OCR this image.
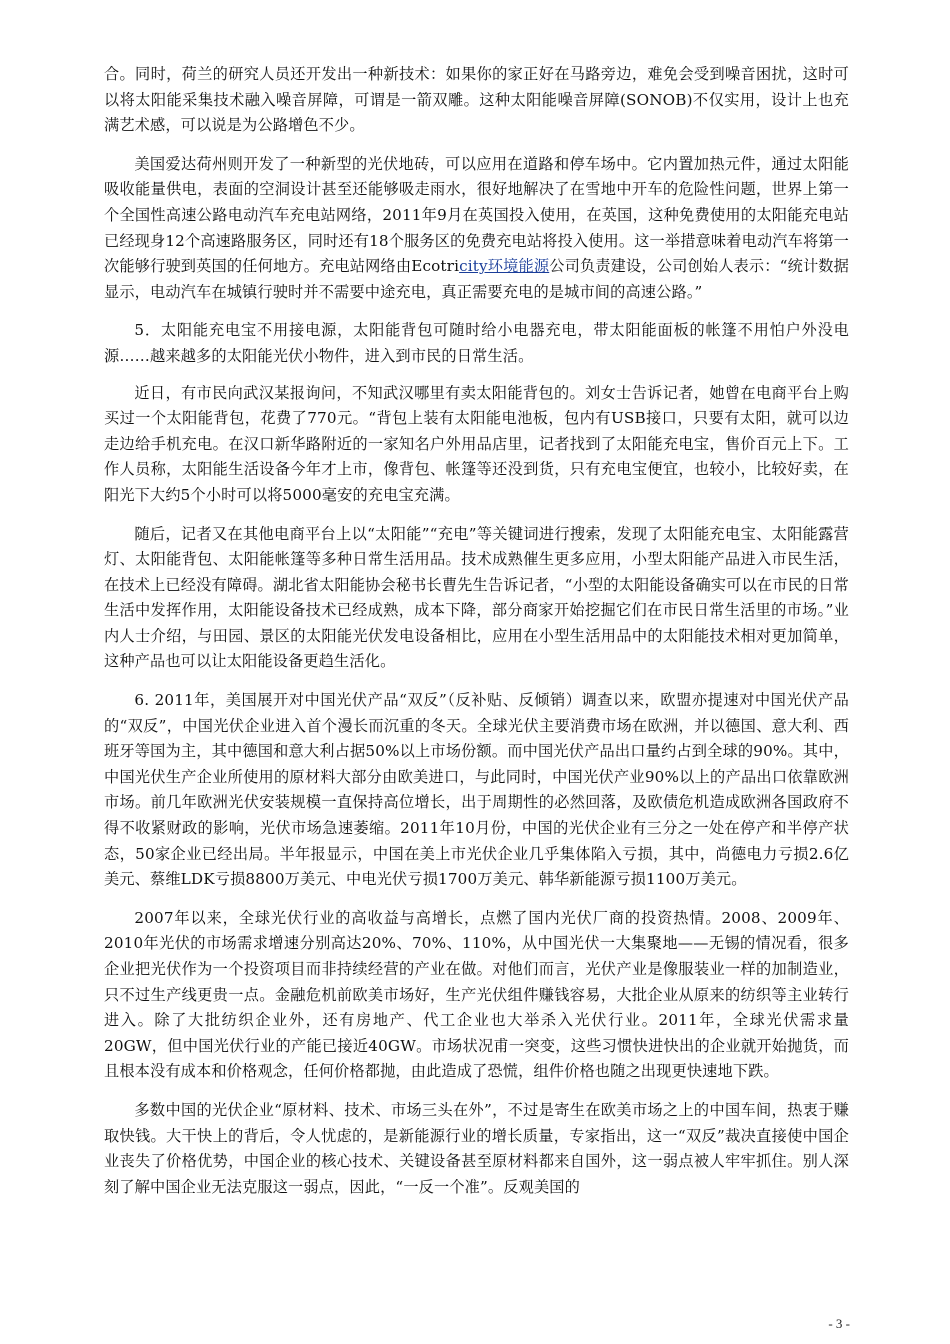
合。同时，荷兰的研究人员还开发出一种新技术：如果你的家正好在马路旁边，难免会受到噪音困扰，这时可以将太阳能采集技术融入噪音屏障，可谓是一箭双雕。这种太阳能噪音屏障(SONOB)不仅实用，设计上也充满艺术感，可以说是为公路增色不少。

美国爱达荷州则开发了一种新型的光伏地砖，可以应用在道路和停车场中。它内置加热元件，通过太阳能吸收能量供电，表面的空洞设计甚至还能够吸走雨水，很好地解决了在雪地中开车的危险性问题，世界上第一个全国性高速公路电动汽车充电站网络，2011年9月在英国投入使用，在英国，这种免费使用的太阳能充电站已经现身12个高速路服务区，同时还有18个服务区的免费充电站将投入使用。这一举措意味着电动汽车将第一次能够行驶到英国的任何地方。充电站网络由Ecotricity环境能源公司负责建设，公司创始人表示：“统计数据显示，电动汽车在城镇行驶时并不需要中途充电，真正需要充电的是城市间的高速公路。”

5．太阳能充电宝不用接电源，太阳能背包可随时给小电器充电，带太阳能面板的帐篷不用怕户外没电源……越来越多的太阳能光伏小物件，进入到市民的日常生活。

近日，有市民向武汉某报询问，不知武汉哪里有卖太阳能背包的。刘女士告诉记者，她曾在电商平台上购买过一个太阳能背包，花费了770元。“背包上装有太阳能电池板，包内有USB接口，只要有太阳，就可以边走边给手机充电。在汉口新华路附近的一家知名户外用品店里，记者找到了太阳能充电宝，售价百元上下。工作人员称，太阳能生活设备今年才上市，像背包、帐篷等还没到货，只有充电宝便宜，也较小，比较好卖，在阳光下大约5个小时可以将5000毫安的充电宝充满。

随后，记者又在其他电商平台上以“太阳能”“充电”等关键词进行搜索，发现了太阳能充电宝、太阳能露营灯、太阳能背包、太阳能帐篷等多种日常生活用品。技术成熟催生更多应用，小型太阳能产品进入市民生活，在技术上已经没有障碍。湖北省太阳能协会秘书长曹先生告诉记者，“小型的太阳能设备确实可以在市民的日常生活中发挥作用，太阳能设备技术已经成熟，成本下降，部分商家开始挖掘它们在市民日常生活里的市场。”业内人士介绍，与田园、景区的太阳能光伏发电设备相比，应用在小型生活用品中的太阳能技术相对更加简单，这种产品也可以让太阳能设备更趋生活化。

6. 2011年，美国展开对中国光伏产品“双反”（反补贴、反倾销）调查以来，欧盟亦提速对中国光伏产品的“双反”，中国光伏企业进入首个漫长而沉重的冬天。全球光伏主要消费市场在欧洲，并以德国、意大利、西班牙等国为主，其中德国和意大利占据50%以上市场份额。而中国光伏产品出口量约占到全球的90%。其中，中国光伏生产企业所使用的原材料大部分由欧美进口，与此同时，中国光伏产业90%以上的产品出口依靠欧洲市场。前几年欧洲光伏安装规模一直保持高位增长，出于周期性的必然回落，及欧债危机造成欧洲各国政府不得不收紧财政的影响，光伏市场急速萎缩。2011年10月份，中国的光伏企业有三分之一处在停产和半停产状态，50家企业已经出局。半年报显示，中国在美上市光伏企业几乎集体陷入亏损，其中，尚德电力亏损2.6亿美元、蔡维LDK亏损8800万美元、中电光伏亏损1700万美元、韩华新能源亏损1100万美元。

2007年以来，全球光伏行业的高收益与高增长，点燃了国内光伏厂商的投资热情。2008、2009年、2010年光伏的市场需求增速分别高达20%、70%、110%，从中国光伏一大集聚地——无锡的情况看，很多企业把光伏作为一个投资项目而非持续经营的产业在做。对他们而言，光伏产业是像服装业一样的加制造业，只不过生产线更贵一点。金融危机前欧美市场好，生产光伏组件赚钱容易，大批企业从原来的纺织等主业转行进入。除了大批纺织企业外，还有房地产、代工企业也大举杀入光伏行业。2011年，全球光伏需求量20GW，但中国光伏行业的产能已接近40GW。市场状况甫一突变，这些习惯快进快出的企业就开始抛货，而且根本没有成本和价格观念，任何价格都抛，由此造成了恐慌，组件价格也随之出现更快速地下跌。

多数中国的光伏企业“原材料、技术、市场三头在外”，不过是寄生在欧美市场之上的中国车间，热衷于赚取快钱。大干快上的背后，令人忧虑的，是新能源行业的增长质量，专家指出，这一“双反”裁决直接使中国企业丧失了价格优势，中国企业的核心技术、关键设备甚至原材料都来自国外，这一弱点被人牢牢抓住。别人深刻了解中国企业无法克服这一弱点，因此，“一反一个准”。反观美国的

- 3 -
